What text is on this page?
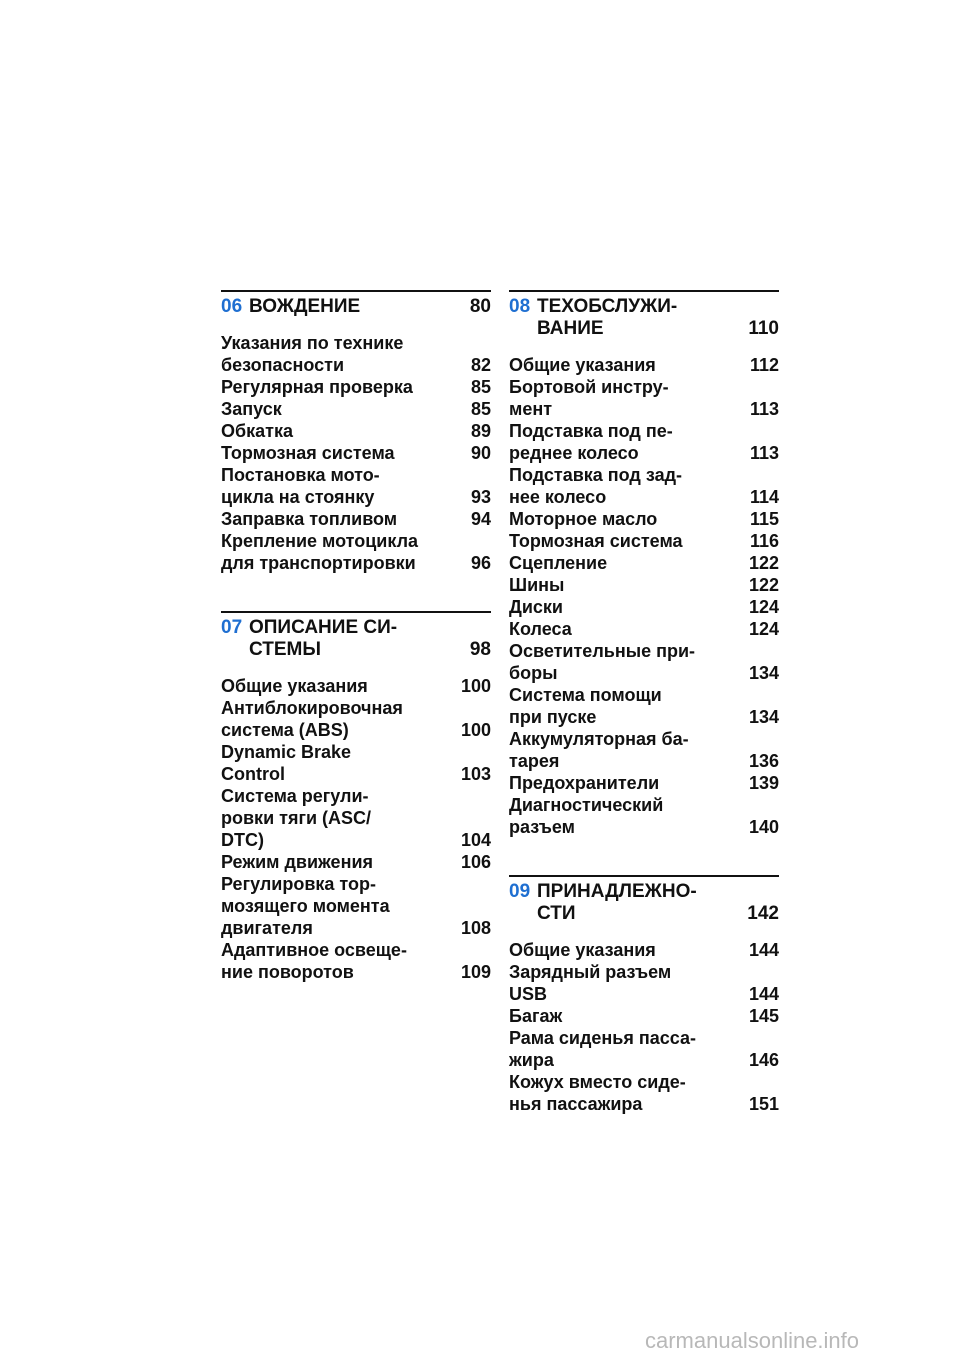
06 ВОЖДЕНИЕ	80
Указания по технике
безопасности	82
Регулярная проверка	85
Запуск	85
Обкатка	89
Тормозная система	90
Постановка мото-
цикла на стоянку	93
Заправка топливом	94
Крепление мотоцикла
для транспортировки	96
07 ОПИСАНИЕ СИ-
СТЕМЫ	98
Общие указания	100
Антиблокировочная
система (ABS)	100
Dynamic Brake
Control	103
Система регули-
ровки тяги (ASC/
DTC)	104
Режим движения	106
Регулировка тор-
мозящего момента
двигателя	108
Адаптивное освеще-
ние поворотов	109
08 ТЕХОБСЛУЖИ-
ВАНИЕ	110
Общие указания	112
Бортовой инстру-
мент	113
Подставка под пе-
реднее колесо	113
Подставка под зад-
нее колесо	114
Моторное масло	115
Тормозная система	116
Сцепление	122
Шины	122
Диски	124
Колеса	124
Осветительные при-
боры	134
Система помощи
при пуске	134
Аккумуляторная ба-
тарея	136
Предохранители	139
Диагностический
разъем	140
09 ПРИНАДЛЕЖНО-
СТИ	142
Общие указания	144
Зарядный разъем
USB	144
Багаж	145
Рама сиденья пасса-
жира	146
Кожух вместо сиде-
нья пассажира	151
carmanualsonline.info
